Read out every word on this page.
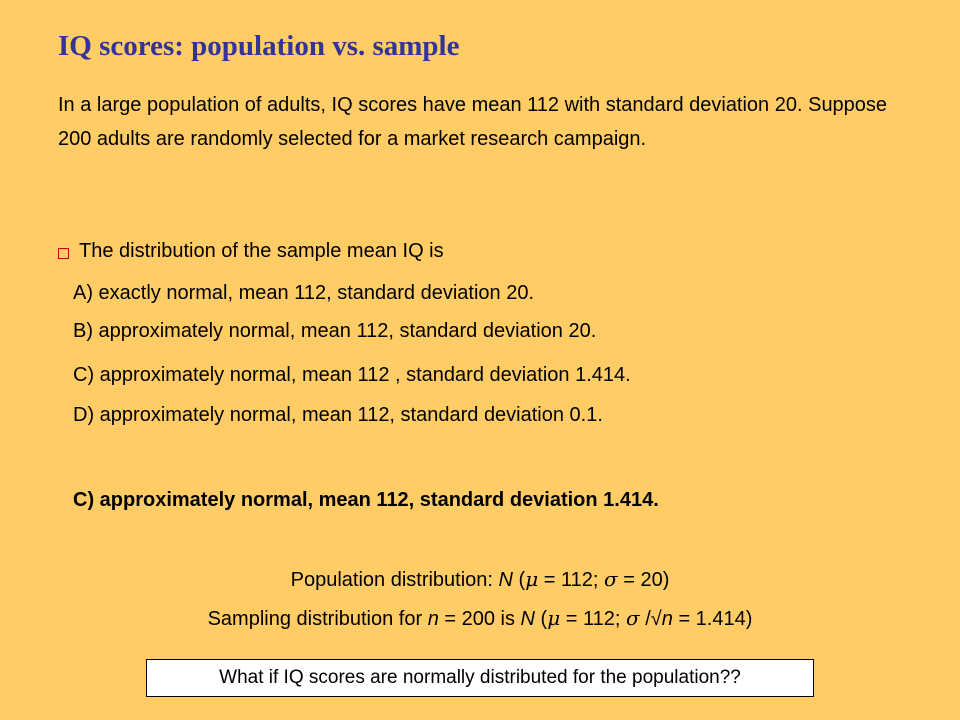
IQ scores: population vs. sample
In a large population of adults, IQ scores have mean 112 with standard deviation 20. Suppose 200 adults are randomly selected for a market research campaign.
The distribution of the sample mean IQ is
A) exactly normal, mean 112, standard deviation 20.
B) approximately normal, mean 112, standard deviation 20.
C) approximately normal, mean 112 , standard deviation 1.414.
D) approximately normal, mean 112, standard deviation 0.1.
C) approximately normal, mean 112, standard deviation 1.414.
Population distribution: N (μ = 112; σ = 20)
Sampling distribution for n = 200 is N (μ = 112; σ /√n = 1.414)
What if IQ scores are normally distributed for the population??
